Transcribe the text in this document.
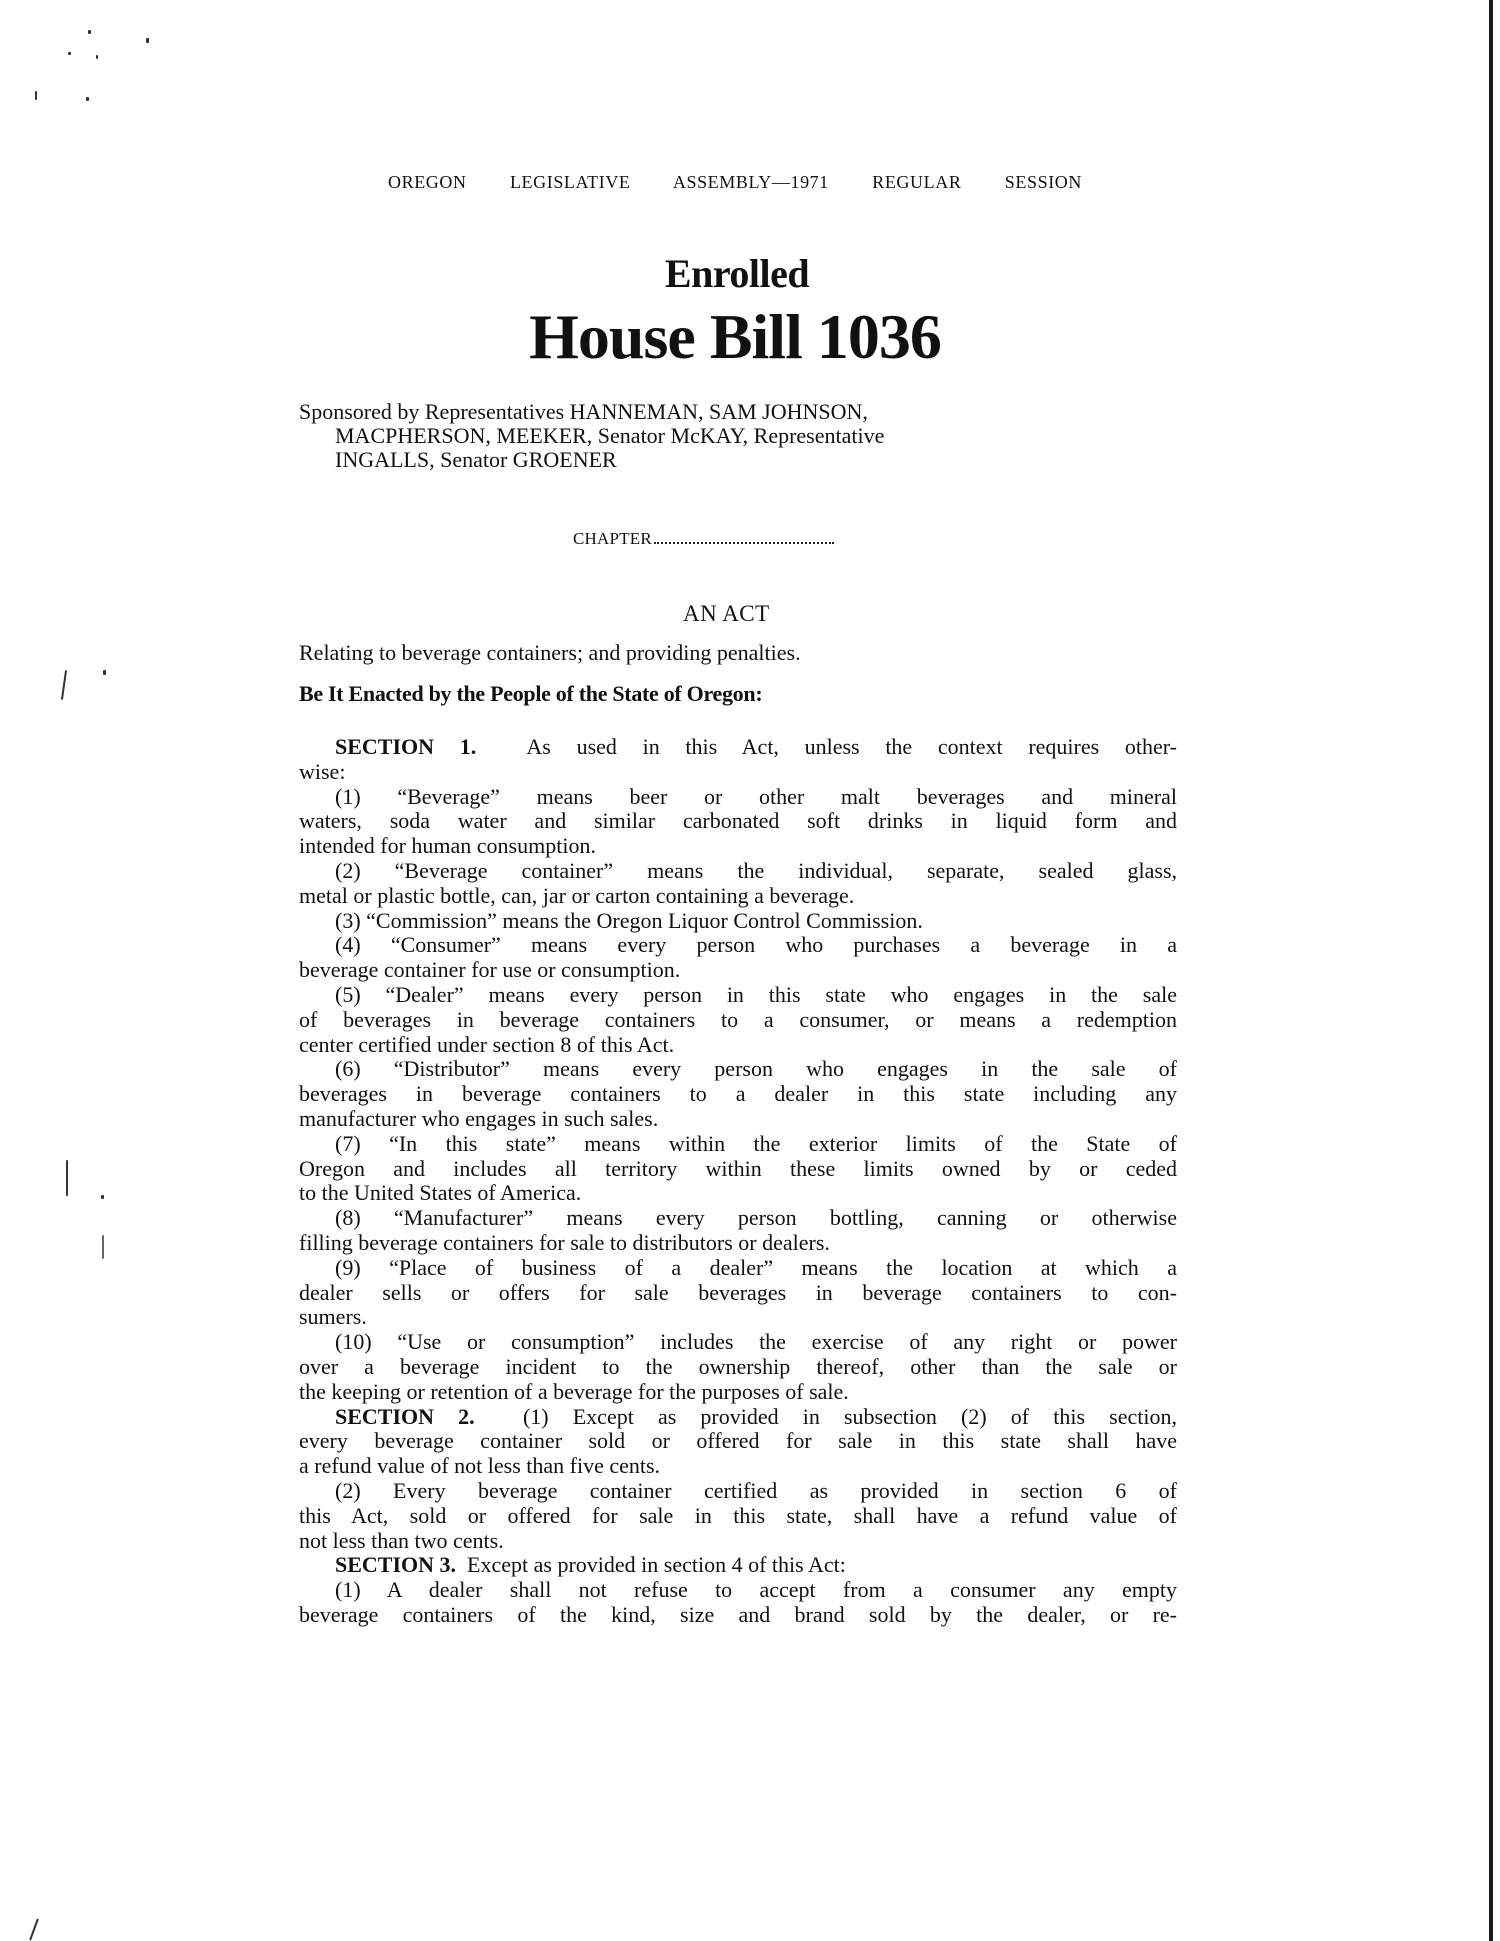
OREGON LEGISLATIVE ASSEMBLY—1971 REGULAR SESSION
Enrolled
House Bill 1036
Sponsored by Representatives HANNEMAN, SAM JOHNSON,
MACPHERSON, MEEKER, Senator McKAY, Representative
INGALLS, Senator GROENER
CHAPTER
AN ACT
Relating to beverage containers; and providing penalties.
Be It Enacted by the People of the State of Oregon:
SECTION 1. As used in this Act, unless the context requires other-
wise:
(1) “Beverage” means beer or other malt beverages and mineral
waters, soda water and similar carbonated soft drinks in liquid form and
intended for human consumption.
(2) “Beverage container” means the individual, separate, sealed glass,
metal or plastic bottle, can, jar or carton containing a beverage.
(3) “Commission” means the Oregon Liquor Control Commission.
(4) “Consumer” means every person who purchases a beverage in a
beverage container for use or consumption.
(5) “Dealer” means every person in this state who engages in the sale
of beverages in beverage containers to a consumer, or means a redemption
center certified under section 8 of this Act.
(6) “Distributor” means every person who engages in the sale of
beverages in beverage containers to a dealer in this state including any
manufacturer who engages in such sales.
(7) “In this state” means within the exterior limits of the State of
Oregon and includes all territory within these limits owned by or ceded
to the United States of America.
(8) “Manufacturer” means every person bottling, canning or otherwise
filling beverage containers for sale to distributors or dealers.
(9) “Place of business of a dealer” means the location at which a
dealer sells or offers for sale beverages in beverage containers to con-
sumers.
(10) “Use or consumption” includes the exercise of any right or power
over a beverage incident to the ownership thereof, other than the sale or
the keeping or retention of a beverage for the purposes of sale.
SECTION 2. (1) Except as provided in subsection (2) of this section,
every beverage container sold or offered for sale in this state shall have
a refund value of not less than five cents.
(2) Every beverage container certified as provided in section 6 of
this Act, sold or offered for sale in this state, shall have a refund value of
not less than two cents.
SECTION 3. Except as provided in section 4 of this Act:
(1) A dealer shall not refuse to accept from a consumer any empty
beverage containers of the kind, size and brand sold by the dealer, or re-
